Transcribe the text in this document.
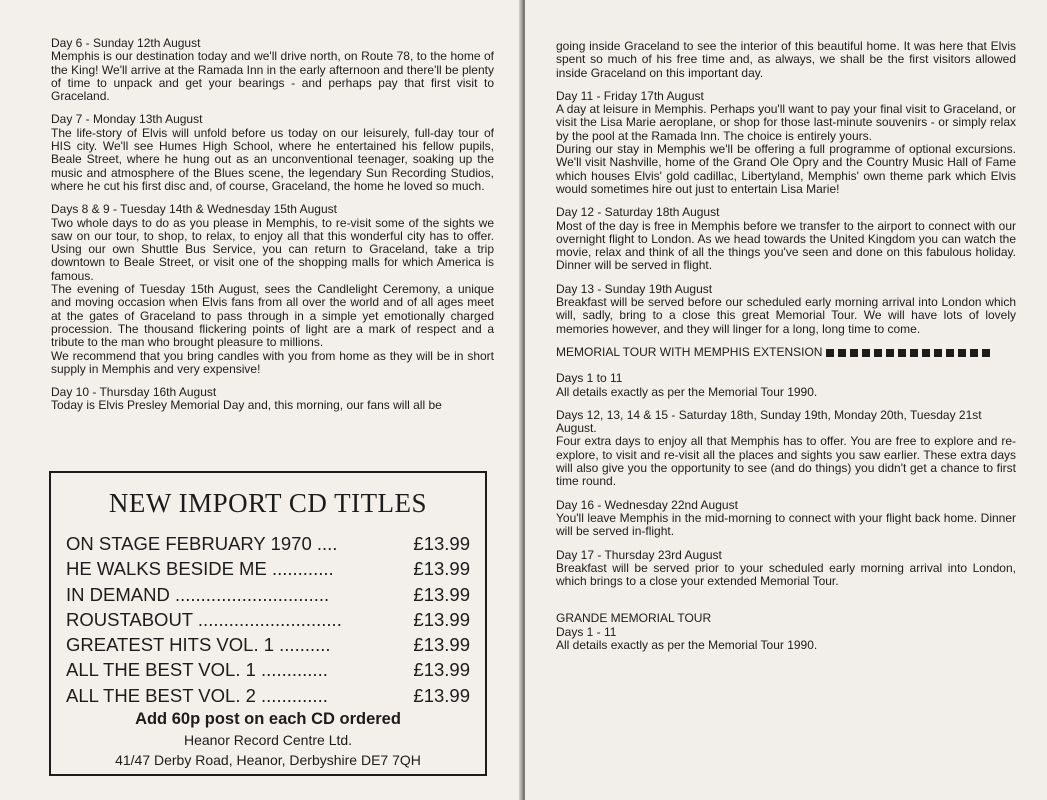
Day 6 - Sunday 12th August

Memphis is our destination today and we'll drive north, on Route 78, to the home of the King! We'll arrive at the Ramada Inn in the early afternoon and there'll be plenty of time to unpack and get your bearings - and perhaps pay that first visit to Graceland.

Day 7 - Monday 13th August

The life-story of Elvis will unfold before us today on our leisurely, full-day tour of HIS city. We'll see Humes High School, where he entertained his fellow pupils, Beale Street, where he hung out as an unconventional teenager, soaking up the music and atmosphere of the Blues scene, the legendary Sun Recording Studios, where he cut his first disc and, of course, Graceland, the home he loved so much.

Days 8 & 9 - Tuesday 14th & Wednesday 15th August

Two whole days to do as you please in Memphis, to re-visit some of the sights we saw on our tour, to shop, to relax, to enjoy all that this wonderful city has to offer. Using our own Shuttle Bus Service, you can return to Graceland, take a trip downtown to Beale Street, or visit one of the shopping malls for which America is famous.

The evening of Tuesday 15th August, sees the Candlelight Ceremony, a unique and moving occasion when Elvis fans from all over the world and of all ages meet at the gates of Graceland to pass through in a simple yet emotionally charged procession. The thousand flickering points of light are a mark of respect and a tribute to the man who brought pleasure to millions.

We recommend that you bring candles with you from home as they will be in short supply in Memphis and very expensive!

Day 10 - Thursday 16th August

Today is Elvis Presley Memorial Day and, this morning, our fans will all be

NEW IMPORT CD TITLES
ON STAGE FEBRUARY 1970 ....	£13.99
HE WALKS BESIDE ME ............	£13.99
IN DEMAND ..............................	£13.99
ROUSTABOUT ............................	£13.99
GREATEST HITS VOL. 1 ..........	£13.99
ALL THE BEST VOL. 1 .............	£13.99
ALL THE BEST VOL. 2 .............	£13.99
Add 60p post on each CD ordered
Heanor Record Centre Ltd.
41/47 Derby Road, Heanor, Derbyshire DE7 7QH

going inside Graceland to see the interior of this beautiful home. It was here that Elvis spent so much of his free time and, as always, we shall be the first visitors allowed inside Graceland on this important day.

Day 11 - Friday 17th August

A day at leisure in Memphis. Perhaps you'll want to pay your final visit to Graceland, or visit the Lisa Marie aeroplane, or shop for those last-minute souvenirs - or simply relax by the pool at the Ramada Inn. The choice is entirely yours.

During our stay in Memphis we'll be offering a full programme of optional excursions. We'll visit Nashville, home of the Grand Ole Opry and the Country Music Hall of Fame which houses Elvis' gold cadillac, Libertyland, Memphis' own theme park which Elvis would sometimes hire out just to entertain Lisa Marie!

Day 12 - Saturday 18th August

Most of the day is free in Memphis before we transfer to the airport to connect with our overnight flight to London. As we head towards the United Kingdom you can watch the movie, relax and think of all the things you've seen and done on this fabulous holiday. Dinner will be served in flight.

Day 13 - Sunday 19th August

Breakfast will be served before our scheduled early morning arrival into London which will, sadly, bring to a close this great Memorial Tour. We will have lots of lovely memories however, and they will linger for a long, long time to come.

MEMORIAL TOUR WITH MEMPHIS EXTENSION
Days 1 to 11

All details exactly as per the Memorial Tour 1990.

Days 12, 13, 14 & 15 - Saturday 18th, Sunday 19th, Monday 20th, Tuesday 21st August.

Four extra days to enjoy all that Memphis has to offer. You are free to explore and re-explore, to visit and re-visit all the places and sights you saw earlier. These extra days will also give you the opportunity to see (and do things) you didn't get a chance to first time round.

Day 16 - Wednesday 22nd August

You'll leave Memphis in the mid-morning to connect with your flight back home. Dinner will be served in-flight.

Day 17 - Thursday 23rd August

Breakfast will be served prior to your scheduled early morning arrival into London, which brings to a close your extended Memorial Tour.

GRANDE MEMORIAL TOUR
Days 1 - 11

All details exactly as per the Memorial Tour 1990.
